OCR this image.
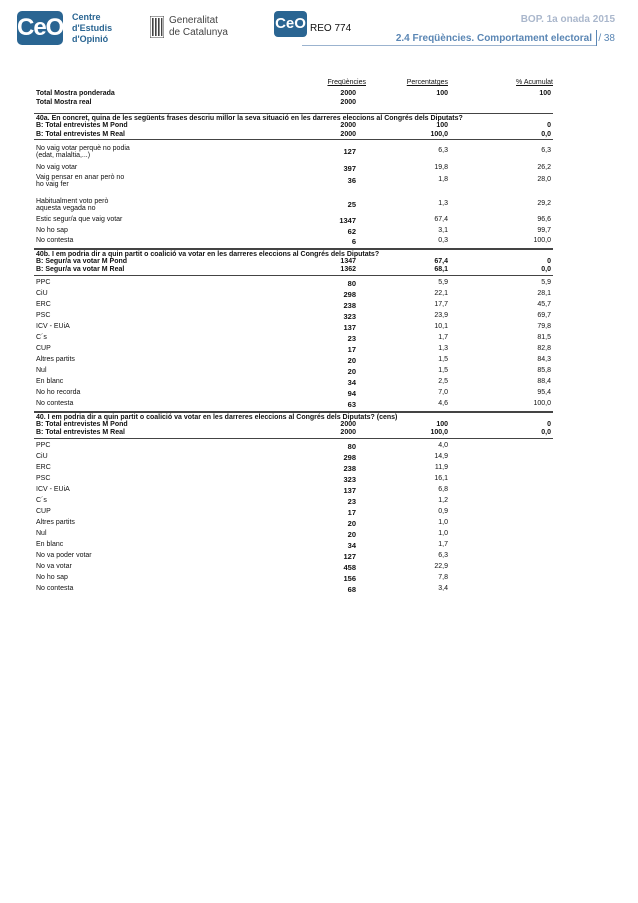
CeO Centre
d'Estudis
d'Opinió
Generalitat
de Catalunya
CeO REO 774
BOP. 1a onada 2015
2.4 Freqüències. Comportament electoral / 38
Freqüències	Percentatges	% Acumulat
Total Mostra ponderada	2000	100	100
Total Mostra real	2000
40a. En concret, quina de les següents frases descriu millor la seva situació en les darreres eleccions al Congrés dels Diputats?
B: Total entrevistes M Pond	2000	100	0
B: Total entrevistes M Real	2000	100,0	0,0
No vaig votar perquè no podia
(edat, malaltia,...)	127	6,3	6,3
No vaig votar	397	19,8	26,2
Vaig pensar en anar però no
ho vaig fer	36	1,8	28,0
Habitualment voto però
aquesta vegada no	25	1,3	29,2
Estic segur/a que vaig votar	1347	67,4	96,6
No ho sap	62	3,1	99,7
No contesta	6	0,3	100,0
40b. I em podria dir a quin partit o coalició va votar en les darreres eleccions al Congrés dels Diputats?
B: Segur/a va votar M Pond	1347	67,4	0
B: Segur/a va votar M Real	1362	68,1	0,0
PPC	80	5,9	5,9
CiU	298	22,1	28,1
ERC	238	17,7	45,7
PSC	323	23,9	69,7
ICV - EUiA	137	10,1	79,8
C´s	23	1,7	81,5
CUP	17	1,3	82,8
Altres partits	20	1,5	84,3
Nul	20	1,5	85,8
En blanc	34	2,5	88,4
No ho recorda	94	7,0	95,4
No contesta	63	4,6	100,0
40. I em podria dir a quin partit o coalició va votar en les darreres eleccions al Congrés dels Diputats? (cens)
B: Total entrevistes M Pond	2000	100	0
B: Total entrevistes M Real	2000	100,0	0,0
PPC	80	4,0
CiU	298	14,9
ERC	238	11,9
PSC	323	16,1
ICV - EUiA	137	6,8
C´s	23	1,2
CUP	17	0,9
Altres partits	20	1,0
Nul	20	1,0
En blanc	34	1,7
No va poder votar	127	6,3
No va votar	458	22,9
No ho sap	156	7,8
No contesta	68	3,4
